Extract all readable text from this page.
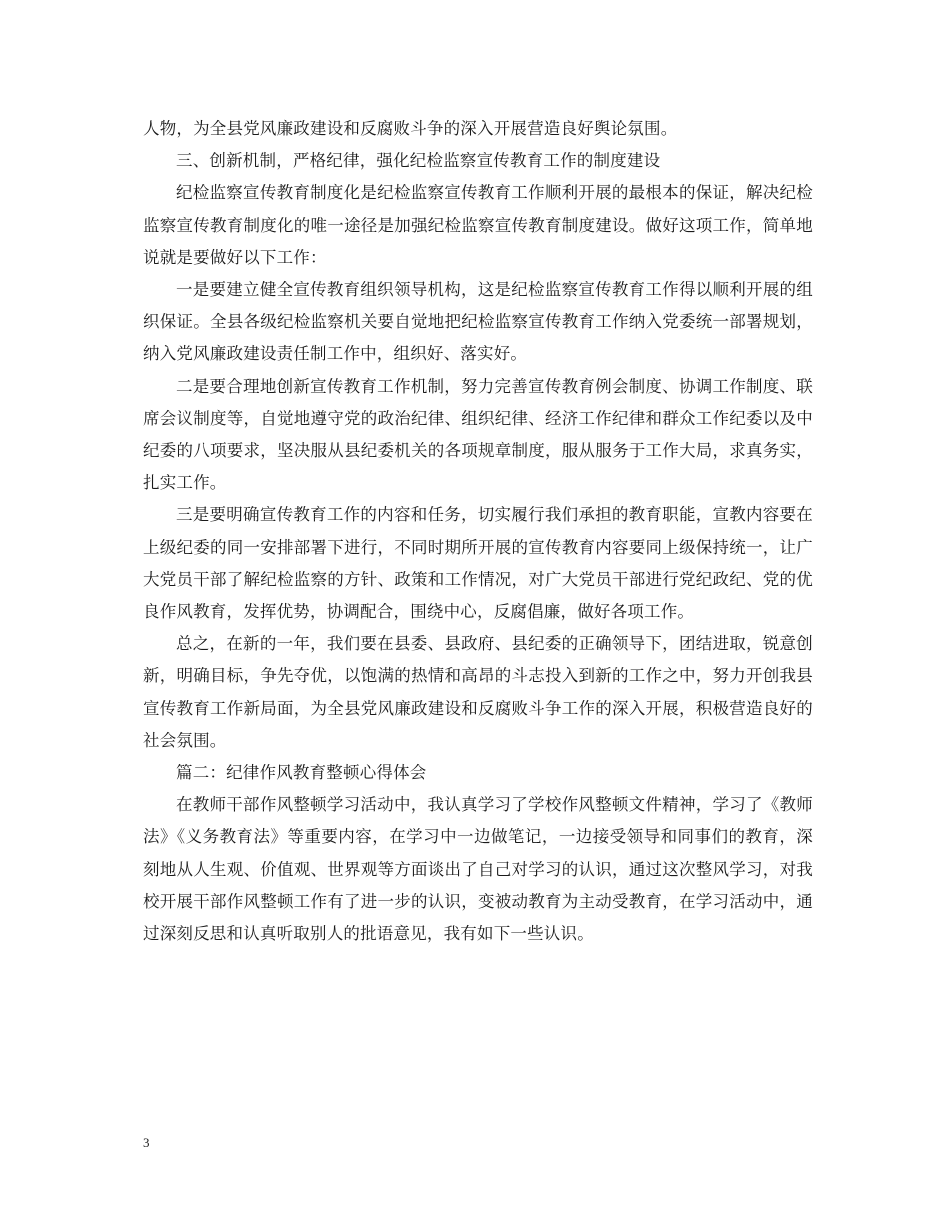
人物，为全县党风廉政建设和反腐败斗争的深入开展营造良好舆论氛围。

三、创新机制，严格纪律，强化纪检监察宣传教育工作的制度建设

纪检监察宣传教育制度化是纪检监察宣传教育工作顺利开展的最根本的保证，解决纪检监察宣传教育制度化的唯一途径是加强纪检监察宣传教育制度建设。做好这项工作，简单地说就是要做好以下工作：

一是要建立健全宣传教育组织领导机构，这是纪检监察宣传教育工作得以顺利开展的组织保证。全县各级纪检监察机关要自觉地把纪检监察宣传教育工作纳入党委统一部署规划，纳入党风廉政建设责任制工作中，组织好、落实好。

二是要合理地创新宣传教育工作机制，努力完善宣传教育例会制度、协调工作制度、联席会议制度等，自觉地遵守党的政治纪律、组织纪律、经济工作纪律和群众工作纪委以及中纪委的八项要求，坚决服从县纪委机关的各项规章制度，服从服务于工作大局，求真务实，扎实工作。

三是要明确宣传教育工作的内容和任务，切实履行我们承担的教育职能，宣教内容要在上级纪委的同一安排部署下进行，不同时期所开展的宣传教育内容要同上级保持统一，让广大党员干部了解纪检监察的方针、政策和工作情况，对广大党员干部进行党纪政纪、党的优良作风教育，发挥优势，协调配合，围绕中心，反腐倡廉，做好各项工作。

总之，在新的一年，我们要在县委、县政府、县纪委的正确领导下，团结进取，锐意创新，明确目标，争先夺优，以饱满的热情和高昂的斗志投入到新的工作之中，努力开创我县宣传教育工作新局面，为全县党风廉政建设和反腐败斗争工作的深入开展，积极营造良好的社会氛围。

篇二：纪律作风教育整顿心得体会

在教师干部作风整顿学习活动中，我认真学习了学校作风整顿文件精神，学习了《教师法》《义务教育法》等重要内容，在学习中一边做笔记，一边接受领导和同事们的教育，深刻地从人生观、价值观、世界观等方面谈出了自己对学习的认识，通过这次整风学习，对我校开展干部作风整顿工作有了进一步的认识，变被动教育为主动受教育，在学习活动中，通过深刻反思和认真听取别人的批语意见，我有如下一些认识。

3
